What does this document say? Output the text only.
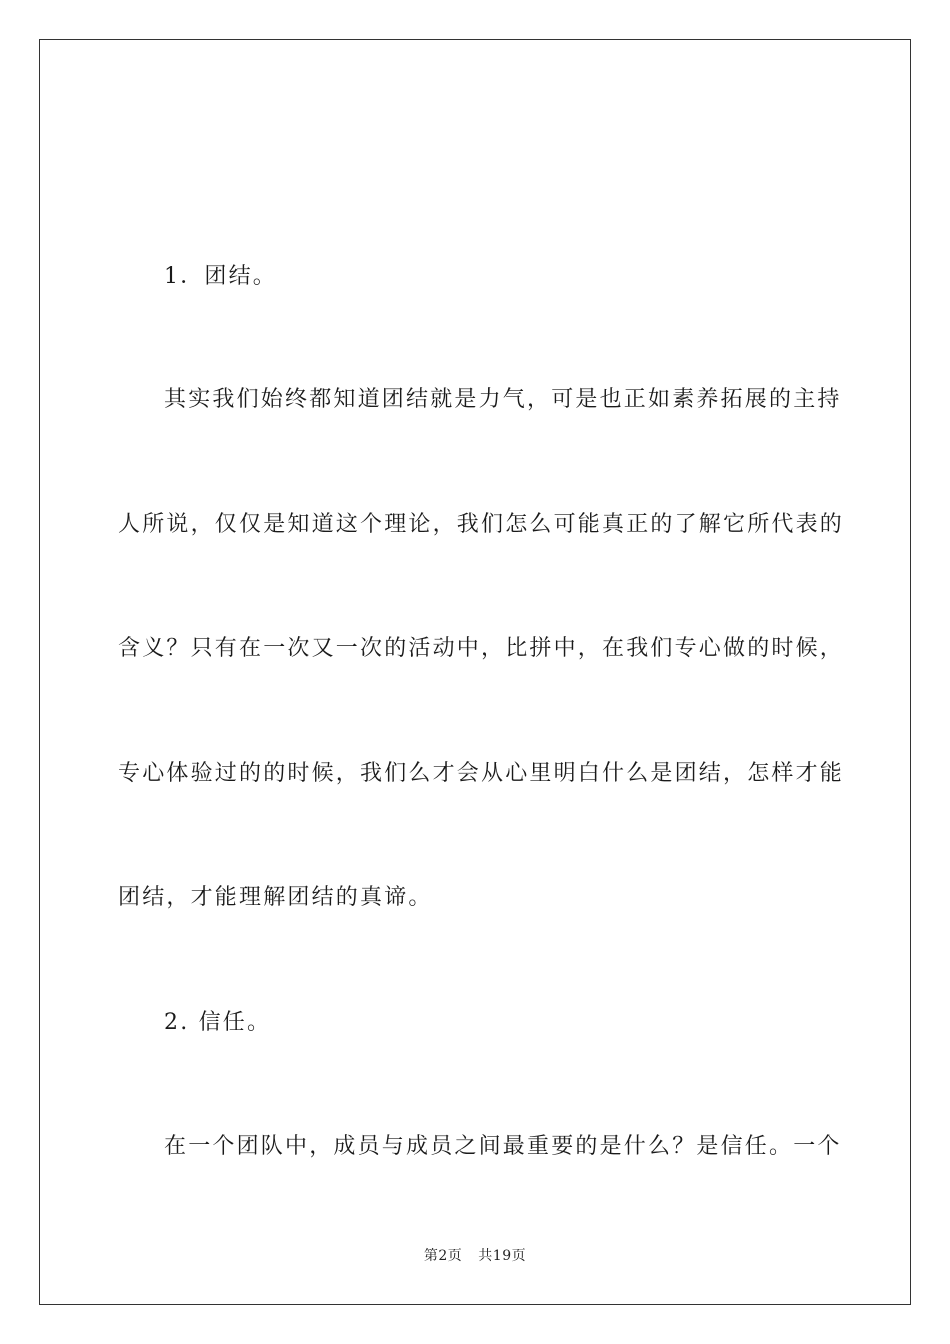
1．团结。
其实我们始终都知道团结就是力气，可是也正如素养拓展的主持
人所说，仅仅是知道这个理论，我们怎么可能真正的了解它所代表的
含义？只有在一次又一次的活动中，比拼中，在我们专心做的时候，
专心体验过的的时候，我们么才会从心里明白什么是团结，怎样才能
团结，才能理解团结的真谛。
2. 信任。
在一个团队中，成员与成员之间最重要的是什么？是信任。一个
第2页 共19页
